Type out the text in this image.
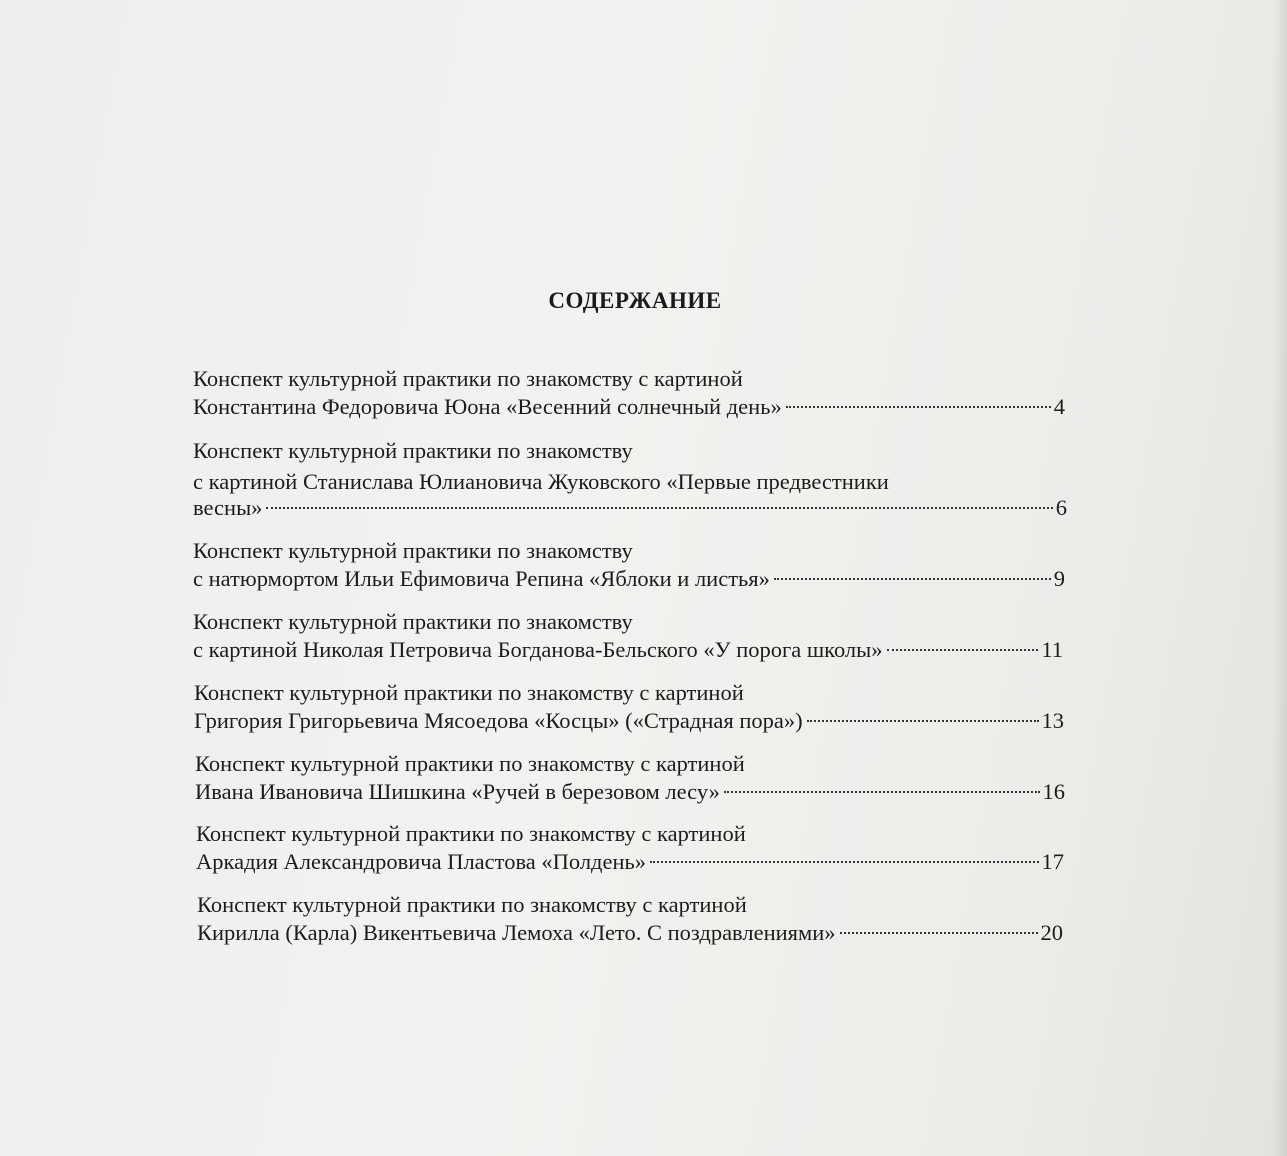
СОДЕРЖАНИЕ
Конспект культурной практики по знакомству с картиной
Константина Федоровича Юона «Весенний солнечный день»	4
Конспект культурной практики по знакомству
с картиной Станислава Юлиановича Жуковского «Первые предвестники
весны»	6
Конспект культурной практики по знакомству
с натюрмортом Ильи Ефимовича Репина «Яблоки и листья»	9
Конспект культурной практики по знакомству
с картиной Николая Петровича Богданова-Бельского «У порога школы»	11
Конспект культурной практики по знакомству с картиной
Григория Григорьевича Мясоедова «Косцы» («Страдная пора»)	13
Конспект культурной практики по знакомству с картиной
Ивана Ивановича Шишкина «Ручей в березовом лесу»	16
Конспект культурной практики по знакомству с картиной
Аркадия Александровича Пластова «Полдень»	17
Конспект культурной практики по знакомству с картиной
Кирилла (Карла) Викентьевича Лемоха «Лето. С поздравлениями»	20
